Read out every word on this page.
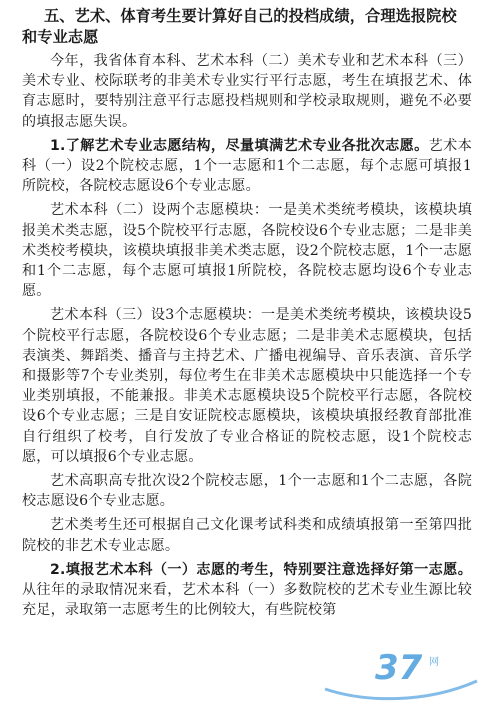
五、艺术、体育考生要计算好自己的投档成绩，合理选报院校和专业志愿

今年，我省体育本科、艺术本科（二）美术专业和艺术本科（三）美术专业、校际联考的非美术专业实行平行志愿，考生在填报艺术、体育志愿时，要特别注意平行志愿投档规则和学校录取规则，避免不必要的填报志愿失误。

1.了解艺术专业志愿结构，尽量填满艺术专业各批次志愿。艺术本科（一）设2个院校志愿，1个一志愿和1个二志愿，每个志愿可填报1所院校，各院校志愿设6个专业志愿。

艺术本科（二）设两个志愿模块：一是美术类统考模块，该模块填报美术类志愿，设5个院校平行志愿，各院校设6个专业志愿；二是非美术类校考模块，该模块填报非美术类志愿，设2个院校志愿，1个一志愿和1个二志愿，每个志愿可填报1所院校，各院校志愿均设6个专业志愿。

艺术本科（三）设3个志愿模块：一是美术类统考模块，该模块设5个院校平行志愿，各院校设6个专业志愿；二是非美术志愿模块，包括表演类、舞蹈类、播音与主持艺术、广播电视编导、音乐表演、音乐学和摄影等7个专业类别，每位考生在非美术志愿模块中只能选择一个专业类别填报，不能兼报。非美术志愿模块设5个院校平行志愿，各院校设6个专业志愿；三是自安证院校志愿模块，该模块填报经教育部批准自行组织了校考，自行发放了专业合格证的院校志愿，设1个院校志愿，可以填报6个专业志愿。

艺术高职高专批次设2个院校志愿，1个一志愿和1个二志愿，各院校志愿设6个专业志愿。

艺术类考生还可根据自己文化课考试科类和成绩填报第一至第四批院校的非艺术专业志愿。

2.填报艺术本科（一）志愿的考生，特别要注意选择好第一志愿。从往年的录取情况来看，艺术本科（一）多数院校的艺术专业生源比较充足，录取第一志愿考生的比例较大，有些院校第

37 网
